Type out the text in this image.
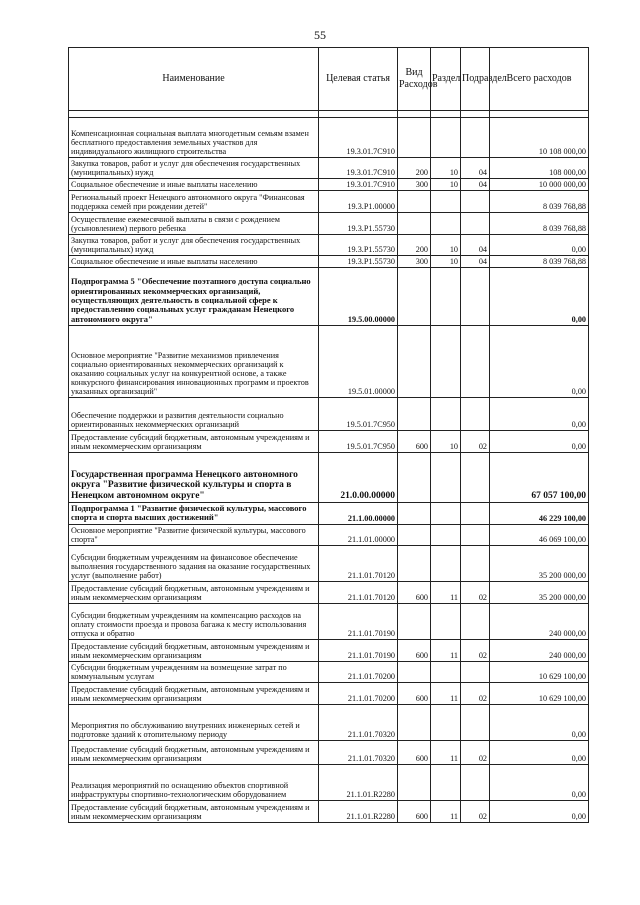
55
Наименование	Целевая статья	Вид Расходов	Раздел	Подраздел	Всего расходов

Компенсационная социальная выплата многодетным семьям взамен бесплатного предоставления земельных участков для индивидуального жилищного строительства	19.3.01.7С910				10 108 000,00
Закупка товаров, работ и услуг для обеспечения государственных (муниципальных) нужд	19.3.01.7С910	200	10	04	108 000,00
Социальное обеспечение и иные выплаты населению	19.3.01.7С910	300	10	04	10 000 000,00
Региональный проект Ненецкого автономного округа "Финансовая поддержка семей при рождении детей"	19.3.Р1.00000				8 039 768,88
Осуществление ежемесячной выплаты в связи с рождением (усыновлением) первого ребенка	19.3.Р1.55730				8 039 768,88
Закупка товаров, работ и услуг для обеспечения государственных (муниципальных) нужд	19.3.Р1.55730	200	10	04	0,00
Социальное обеспечение и иные выплаты населению	19.3.Р1.55730	300	10	04	8 039 768,88
Подпрограмма 5 "Обеспечение поэтапного доступа социально ориентированных некоммерческих организаций, осуществляющих деятельность в социальной сфере к предоставлению социальных услуг гражданам Ненецкого автономного округа"	19.5.00.00000				0,00
Основное мероприятие "Развитие механизмов привлечения социально ориентированных некоммерческих организаций к оказанию социальных услуг на конкурентной основе, а также конкурсного финансирования инновационных программ и проектов указанных организаций"	19.5.01.00000				0,00
Обеспечение поддержки и развития деятельности социально ориентированных некоммерческих организаций	19.5.01.7С950				0,00
Предоставление субсидий бюджетным, автономным учреждениям и иным некоммерческим организациям	19.5.01.7С950	600	10	02	0,00
Государственная программа Ненецкого автономного округа "Развитие физической культуры и спорта в Ненецком автономном округе"	21.0.00.00000				67 057 100,00
Подпрограмма 1 "Развитие физической культуры, массового спорта и спорта высших достижений"	21.1.00.00000				46 229 100,00
Основное мероприятие "Развитие физической культуры, массового спорта"	21.1.01.00000				46 069 100,00
Субсидии бюджетным учреждениям на финансовое обеспечение выполнения государственного задания на оказание государственных услуг (выполнение работ)	21.1.01.70120				35 200 000,00
Предоставление субсидий бюджетным, автономным учреждениям и иным некоммерческим организациям	21.1.01.70120	600	11	02	35 200 000,00
Субсидии бюджетным учреждениям на компенсацию расходов на оплату стоимости проезда и провоза багажа к месту использования отпуска и обратно	21.1.01.70190				240 000,00
Предоставление субсидий бюджетным, автономным учреждениям и иным некоммерческим организациям	21.1.01.70190	600	11	02	240 000,00
Субсидии бюджетным учреждениям на возмещение затрат по коммунальным услугам	21.1.01.70200				10 629 100,00
Предоставление субсидий бюджетным, автономным учреждениям и иным некоммерческим организациям	21.1.01.70200	600	11	02	10 629 100,00
Мероприятия по обслуживанию внутренних инженерных сетей и подготовке зданий к отопительному периоду	21.1.01.70320				0,00
Предоставление субсидий бюджетным, автономным учреждениям и иным некоммерческим организациям	21.1.01.70320	600	11	02	0,00
Реализация мероприятий по оснащению объектов спортивной инфраструктуры спортивно-технологическим оборудованием	21.1.01.R2280				0,00
Предоставление субсидий бюджетным, автономным учреждениям и иным некоммерческим организациям	21.1.01.R2280	600	11	02	0,00
